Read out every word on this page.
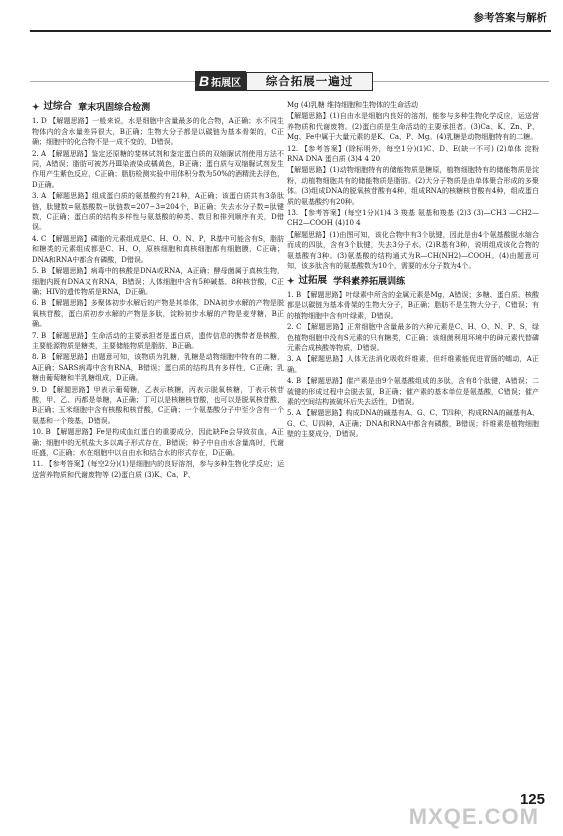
参考答案与解析
B 拓展区	综合拓展一遍过
✦ 过综合 章末巩固综合检测
1. D 【解题思路】一般来说，水是细胞中含量最多的化合物，A正确；水不同生物体内的含水量差异很大，B正确；生物大分子都是以碳链为基本骨架的，C正确；细胞中的化合物不是一成不变的，D错误。
2. A 【解题思路】鉴定还原糖的斐林试剂和鉴定蛋白质的双缩脲试剂使用方法不同，A错误；脂肪可被苏丹Ⅲ染液染成橘黄色，B正确；蛋白质与双缩脲试剂发生作用产生紫色反应，C正确；脂肪检测实验中用体积分数为50%的酒精洗去浮色，D正确。
3. A 【解题思路】组成蛋白质的氨基酸约有21种，A正确；该蛋白质共有3条肽链，肽键数=氨基酸数−肽链数=207−3=204个，B正确；失去水分子数=肽键数，C正确；蛋白质的结构多样性与氨基酸的种类、数目和排列顺序有关，D错误。
4. C 【解题思路】磷脂的元素组成是C、H、O、N、P，R基中可能含有S，脂肪和糖类的元素组成都是C、H、O，原核细胞和真核细胞都有细胞膜，C正确；DNA和RNA中都含有磷酸，D错误。
5. B 【解题思路】病毒中的核酸是DNA或RNA，A正确；酵母菌属于真核生物，细胞内既有DNA又有RNA，B错误；人体细胞中含有5种碱基、8种核苷酸，C正确；HIV的遗传物质是RNA，D正确。
6. B 【解题思路】多聚体初步水解后的产物是其单体，DNA初步水解的产物是脱氧核苷酸，蛋白质初步水解的产物是多肽，淀粉初步水解的产物是麦芽糖，B正确。
7. B 【解题思路】生命活动的主要承担者是蛋白质，遗传信息的携带者是核酸，主要能源物质是糖类，主要储能物质是脂肪，B正确。
8. B 【解题思路】由题意可知，该物质为乳糖，乳糖是动物细胞中特有的二糖，A正确；SARS病毒中含有RNA，B错误；蛋白质的结构具有多样性，C正确；乳糖由葡萄糖和半乳糖组成，D正确。
9. D 【解题思路】甲表示葡萄糖，乙表示核糖，丙表示脱氧核糖，丁表示核苷酸，甲、乙、丙都是单糖，A正确；丁可以是核糖核苷酸，也可以是脱氧核苷酸，B正确；玉米细胞中含有核酸和核苷酸，C正确；一个氨基酸分子中至少含有一个氨基和一个羧基，D错误。
10. B 【解题思路】Fe是构成血红蛋白的重要成分，因此缺Fe会导致贫血，A正确；细胞中的无机盐大多以离子形式存在，B错误；种子中自由水含量高时，代谢旺盛，C正确；水在细胞中以自由水和结合水的形式存在，D正确。
11. 【参考答案】(每空2分)(1)是细胞内的良好溶剂，参与多种生物化学反应；运送营养物质和代谢废物等 (2)蛋白质 (3)K、Ca、P、
Mg (4)乳糖 维持细胞和生物体的生命活动
【解题思路】(1)自由水是细胞内良好的溶剂，能参与多种生物化学反应，运送营养物质和代谢废物。(2)蛋白质是生命活动的主要承担者。(3)Ca、K、Zn、P、Mg、Fe中属于大量元素的是K、Ca、P、Mg。(4)乳糖是动物细胞特有的二糖。
12. 【参考答案】(除标明外，每空1分)(1)C、D、E(缺一不可) (2)单体 淀粉 RNA DNA 蛋白质 (3)4 4 20
【解题思路】(1)动物细胞特有的储能物质是糖原，植物细胞特有的储能物质是淀粉，动植物细胞共有的储能物质是脂肪。(2)大分子物质是由单体聚合形成的多聚体。(3)组成DNA的脱氧核苷酸有4种，组成RNA的核糖核苷酸有4种，组成蛋白质的氨基酸约有20种。
13. 【参考答案】(每空1分)(1)4 3 羧基 氨基和羧基 (2)3 (3)—CH3 —CH2—CH2—COOH (4)10 4
【解题思路】(1)由图可知，该化合物中有3个肽键，因此是由4个氨基酸脱水缩合而成的四肽，含有3个肽键，失去3分子水。(2)R基有3种，说明组成该化合物的氨基酸有3种。(3)氨基酸的结构通式为R—CH(NH2)—COOH。(4)由题意可知，该多肽含有的氨基酸数为10个，需要的水分子数为4个。
✦ 过拓展 学科素养拓展训练
1. B 【解题思路】叶绿素中所含的金属元素是Mg，A错误；多糖、蛋白质、核酸都是以碳链为基本骨架的生物大分子，B正确；脂肪不是生物大分子，C错误；有的植物细胞中含有叶绿素，D错误。
2. C 【解题思路】正常细胞中含量最多的六种元素是C、H、O、N、P、S，绿色植物细胞中没有S元素的只有糖类，C正确；该细菌利用环境中的砷元素代替磷元素合成核酸等物质，D错误。
3. A 【解题思路】人体无法消化吸收纤维素，但纤维素能促进胃肠的蠕动，A正确。
4. B 【解题思路】催产素是由9个氨基酸组成的多肽，含有8个肽键，A错误；二硫键的形成过程中会脱去氢，B正确；催产素的基本单位是氨基酸，C错误；催产素的空间结构被破坏后失去活性，D错误。
5. A 【解题思路】构成DNA的碱基有A、G、C、T四种，构成RNA的碱基有A、G、C、U四种，A正确；DNA和RNA中都含有磷酸，B错误；纤维素是植物细胞壁的主要成分，D错误。
MXQE.COM
125
